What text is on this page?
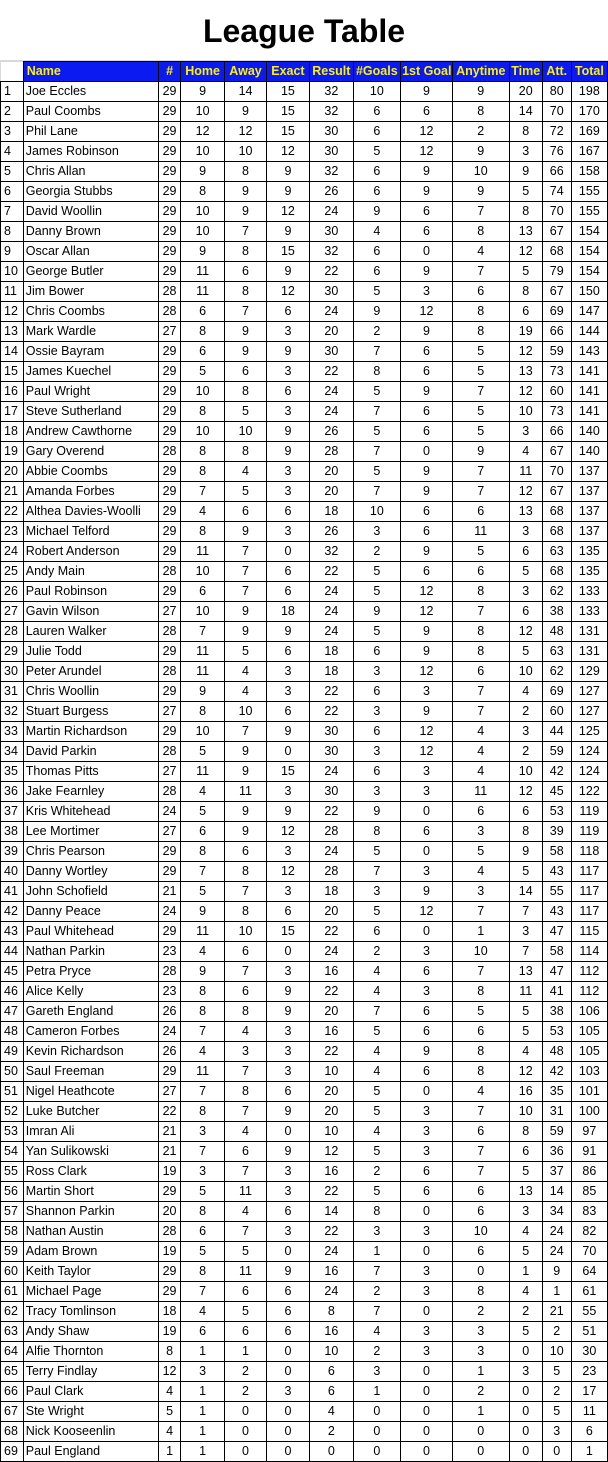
League Table
	Name	#	Home	Away	Exact	Result	#Goals	1st Goal	Anytime	Time	Att.	Total
1	Joe Eccles	29	9	14	15	32	10	9	9	20	80	198
2	Paul Coombs	29	10	9	15	32	6	6	8	14	70	170
3	Phil Lane	29	12	12	15	30	6	12	2	8	72	169
4	James Robinson	29	10	10	12	30	5	12	9	3	76	167
5	Chris Allan	29	9	8	9	32	6	9	10	9	66	158
6	Georgia Stubbs	29	8	9	9	26	6	9	9	5	74	155
7	David Woollin	29	10	9	12	24	9	6	7	8	70	155
8	Danny Brown	29	10	7	9	30	4	6	8	13	67	154
9	Oscar Allan	29	9	8	15	32	6	0	4	12	68	154
10	George Butler	29	11	6	9	22	6	9	7	5	79	154
11	Jim Bower	28	11	8	12	30	5	3	6	8	67	150
12	Chris Coombs	28	6	7	6	24	9	12	8	6	69	147
13	Mark Wardle	27	8	9	3	20	2	9	8	19	66	144
14	Ossie Bayram	29	6	9	9	30	7	6	5	12	59	143
15	James Kuechel	29	5	6	3	22	8	6	5	13	73	141
16	Paul Wright	29	10	8	6	24	5	9	7	12	60	141
17	Steve Sutherland	29	8	5	3	24	7	6	5	10	73	141
18	Andrew Cawthorne	29	10	10	9	26	5	6	5	3	66	140
19	Gary Overend	28	8	8	9	28	7	0	9	4	67	140
20	Abbie Coombs	29	8	4	3	20	5	9	7	11	70	137
21	Amanda Forbes	29	7	5	3	20	7	9	7	12	67	137
22	Althea Davies-Woolli	29	4	6	6	18	10	6	6	13	68	137
23	Michael Telford	29	8	9	3	26	3	6	11	3	68	137
24	Robert Anderson	29	11	7	0	32	2	9	5	6	63	135
25	Andy Main	28	10	7	6	22	5	6	6	5	68	135
26	Paul Robinson	29	6	7	6	24	5	12	8	3	62	133
27	Gavin Wilson	27	10	9	18	24	9	12	7	6	38	133
28	Lauren Walker	28	7	9	9	24	5	9	8	12	48	131
29	Julie Todd	29	11	5	6	18	6	9	8	5	63	131
30	Peter Arundel	28	11	4	3	18	3	12	6	10	62	129
31	Chris Woollin	29	9	4	3	22	6	3	7	4	69	127
32	Stuart Burgess	27	8	10	6	22	3	9	7	2	60	127
33	Martin Richardson	29	10	7	9	30	6	12	4	3	44	125
34	David Parkin	28	5	9	0	30	3	12	4	2	59	124
35	Thomas Pitts	27	11	9	15	24	6	3	4	10	42	124
36	Jake Fearnley	28	4	11	3	30	3	3	11	12	45	122
37	Kris Whitehead	24	5	9	9	22	9	0	6	6	53	119
38	Lee Mortimer	27	6	9	12	28	8	6	3	8	39	119
39	Chris Pearson	29	8	6	3	24	5	0	5	9	58	118
40	Danny Wortley	29	7	8	12	28	7	3	4	5	43	117
41	John Schofield	21	5	7	3	18	3	9	3	14	55	117
42	Danny Peace	24	9	8	6	20	5	12	7	7	43	117
43	Paul Whitehead	29	11	10	15	22	6	0	1	3	47	115
44	Nathan Parkin	23	4	6	0	24	2	3	10	7	58	114
45	Petra Pryce	28	9	7	3	16	4	6	7	13	47	112
46	Alice Kelly	23	8	6	9	22	4	3	8	11	41	112
47	Gareth England	26	8	8	9	20	7	6	5	5	38	106
48	Cameron Forbes	24	7	4	3	16	5	6	6	5	53	105
49	Kevin Richardson	26	4	3	3	22	4	9	8	4	48	105
50	Saul Freeman	29	11	7	3	10	4	6	8	12	42	103
51	Nigel Heathcote	27	7	8	6	20	5	0	4	16	35	101
52	Luke Butcher	22	8	7	9	20	5	3	7	10	31	100
53	Imran Ali	21	3	4	0	10	4	3	6	8	59	97
54	Yan Sulikowski	21	7	6	9	12	5	3	7	6	36	91
55	Ross Clark	19	3	7	3	16	2	6	7	5	37	86
56	Martin Short	29	5	11	3	22	5	6	6	13	14	85
57	Shannon Parkin	20	8	4	6	14	8	0	6	3	34	83
58	Nathan Austin	28	6	7	3	22	3	3	10	4	24	82
59	Adam Brown	19	5	5	0	24	1	0	6	5	24	70
60	Keith Taylor	29	8	11	9	16	7	3	0	1	9	64
61	Michael Page	29	7	6	6	24	2	3	8	4	1	61
62	Tracy Tomlinson	18	4	5	6	8	7	0	2	2	21	55
63	Andy Shaw	19	6	6	6	16	4	3	3	5	2	51
64	Alfie Thornton	8	1	1	0	10	2	3	3	0	10	30
65	Terry Findlay	12	3	2	0	6	3	0	1	3	5	23
66	Paul Clark	4	1	2	3	6	1	0	2	0	2	17
67	Ste Wright	5	1	0	0	4	0	0	1	0	5	11
68	Nick Kooseenlin	4	1	0	0	2	0	0	0	0	3	6
69	Paul England	1	1	0	0	0	0	0	0	0	0	1
